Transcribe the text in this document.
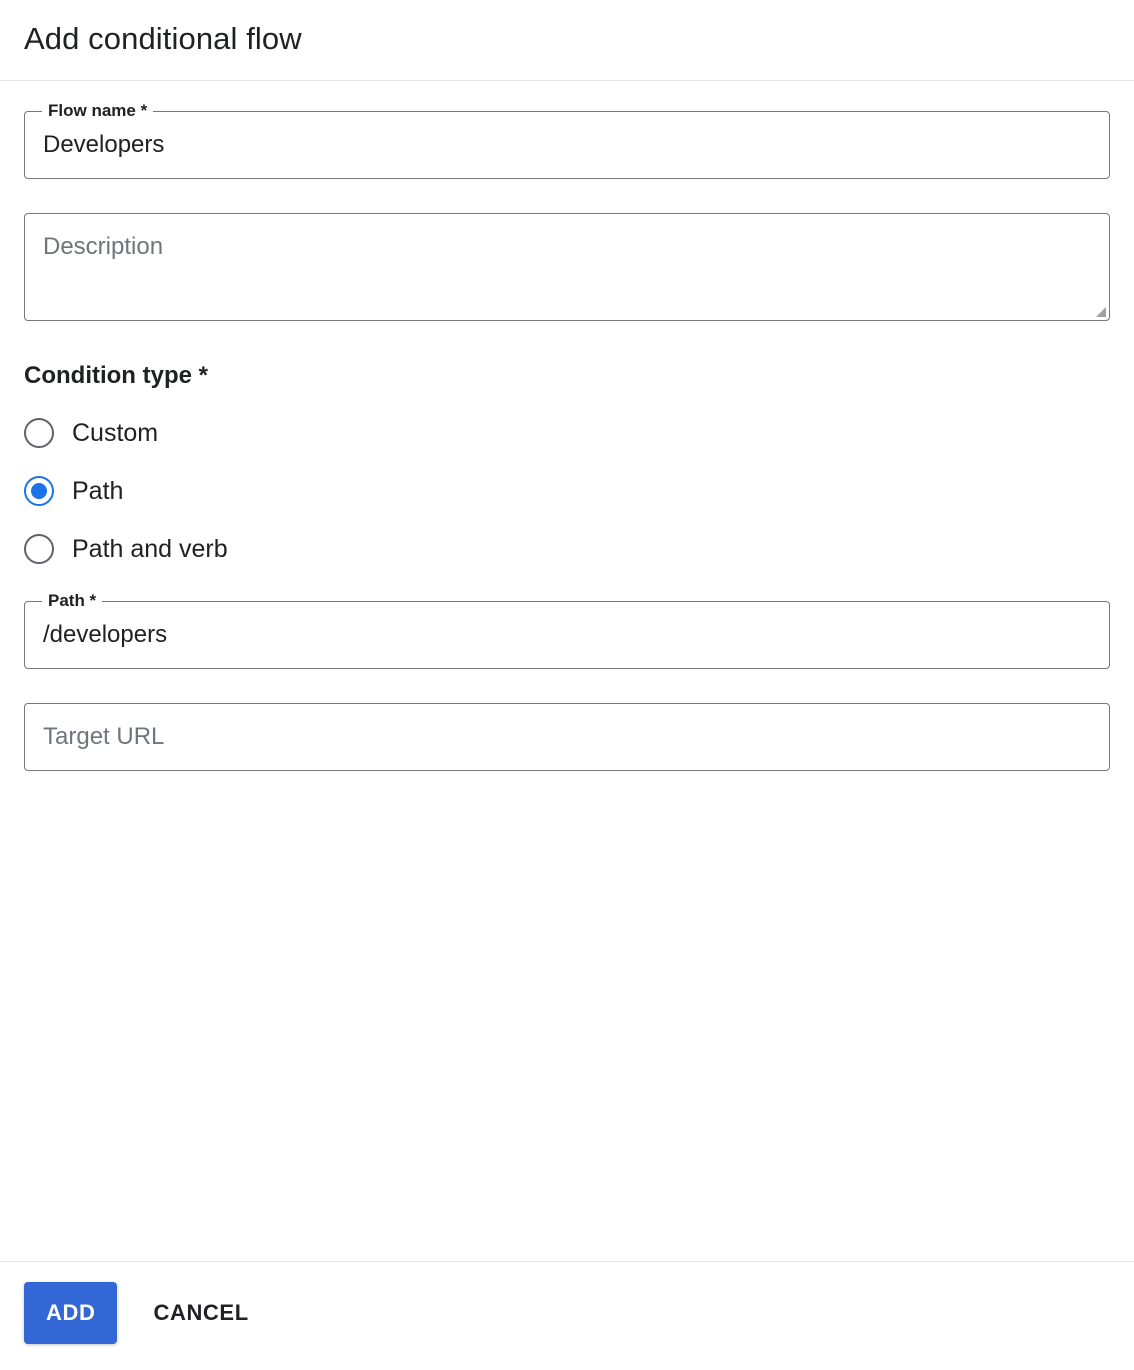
Add conditional flow
Flow name *
Developers
Description
Condition type *
Custom
Path
Path and verb
Path *
/developers
Target URL
ADD	CANCEL
